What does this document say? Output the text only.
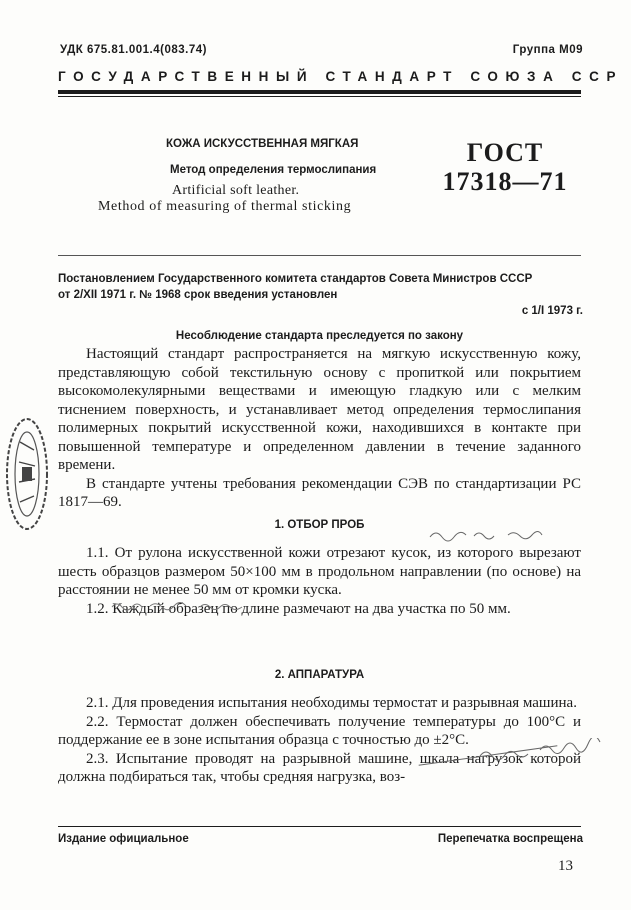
УДК 675.81.001.4(083.74)	Группа М09
ГОСУДАРСТВЕННЫЙ СТАНДАРТ СОЮЗА ССР
КОЖА ИСКУССТВЕННАЯ МЯГКАЯ
Метод определения термослипания
Artificial soft leather.
Method of measuring of thermal sticking
ГОСТ
17318—71
Постановлением Государственного комитета стандартов Совета Министров СССР
от 2/XII 1971 г. № 1968 срок введения установлен
с 1/I 1973 г.
Несоблюдение стандарта преследуется по закону

Настоящий стандарт распространяется на мягкую искусственную кожу, представляющую собой текстильную основу с пропиткой или покрытием высокомолекулярными веществами и имеющую гладкую или с мелким тиснением поверхность, и устанавливает метод определения термослипания полимерных покрытий искусственной кожи, находившихся в контакте при повышенной температуре и определенном давлении в течение заданного времени.

В стандарте учтены требования рекомендации СЭВ по стандартизации РС 1817—69.

1. ОТБОР ПРОБ

1.1. От рулона искусственной кожи отрезают кусок, из которого вырезают шесть образцов размером 50×100 мм в продольном направлении (по основе) на расстоянии не менее 50 мм от кромки куска.

1.2. Каждый образец по длине размечают на два участка по 50 мм.

2. АППАРАТУРА

2.1. Для проведения испытания необходимы термостат и разрывная машина.

2.2. Термостат должен обеспечивать получение температуры до 100°С и поддержание ее в зоне испытания образца с точностью до ±2°С.

2.3. Испытание проводят на разрывной машине, шкала нагрузок которой должна подбираться так, чтобы средняя нагрузка, воз-

Издание официальное	Перепечатка воспрещена
13
